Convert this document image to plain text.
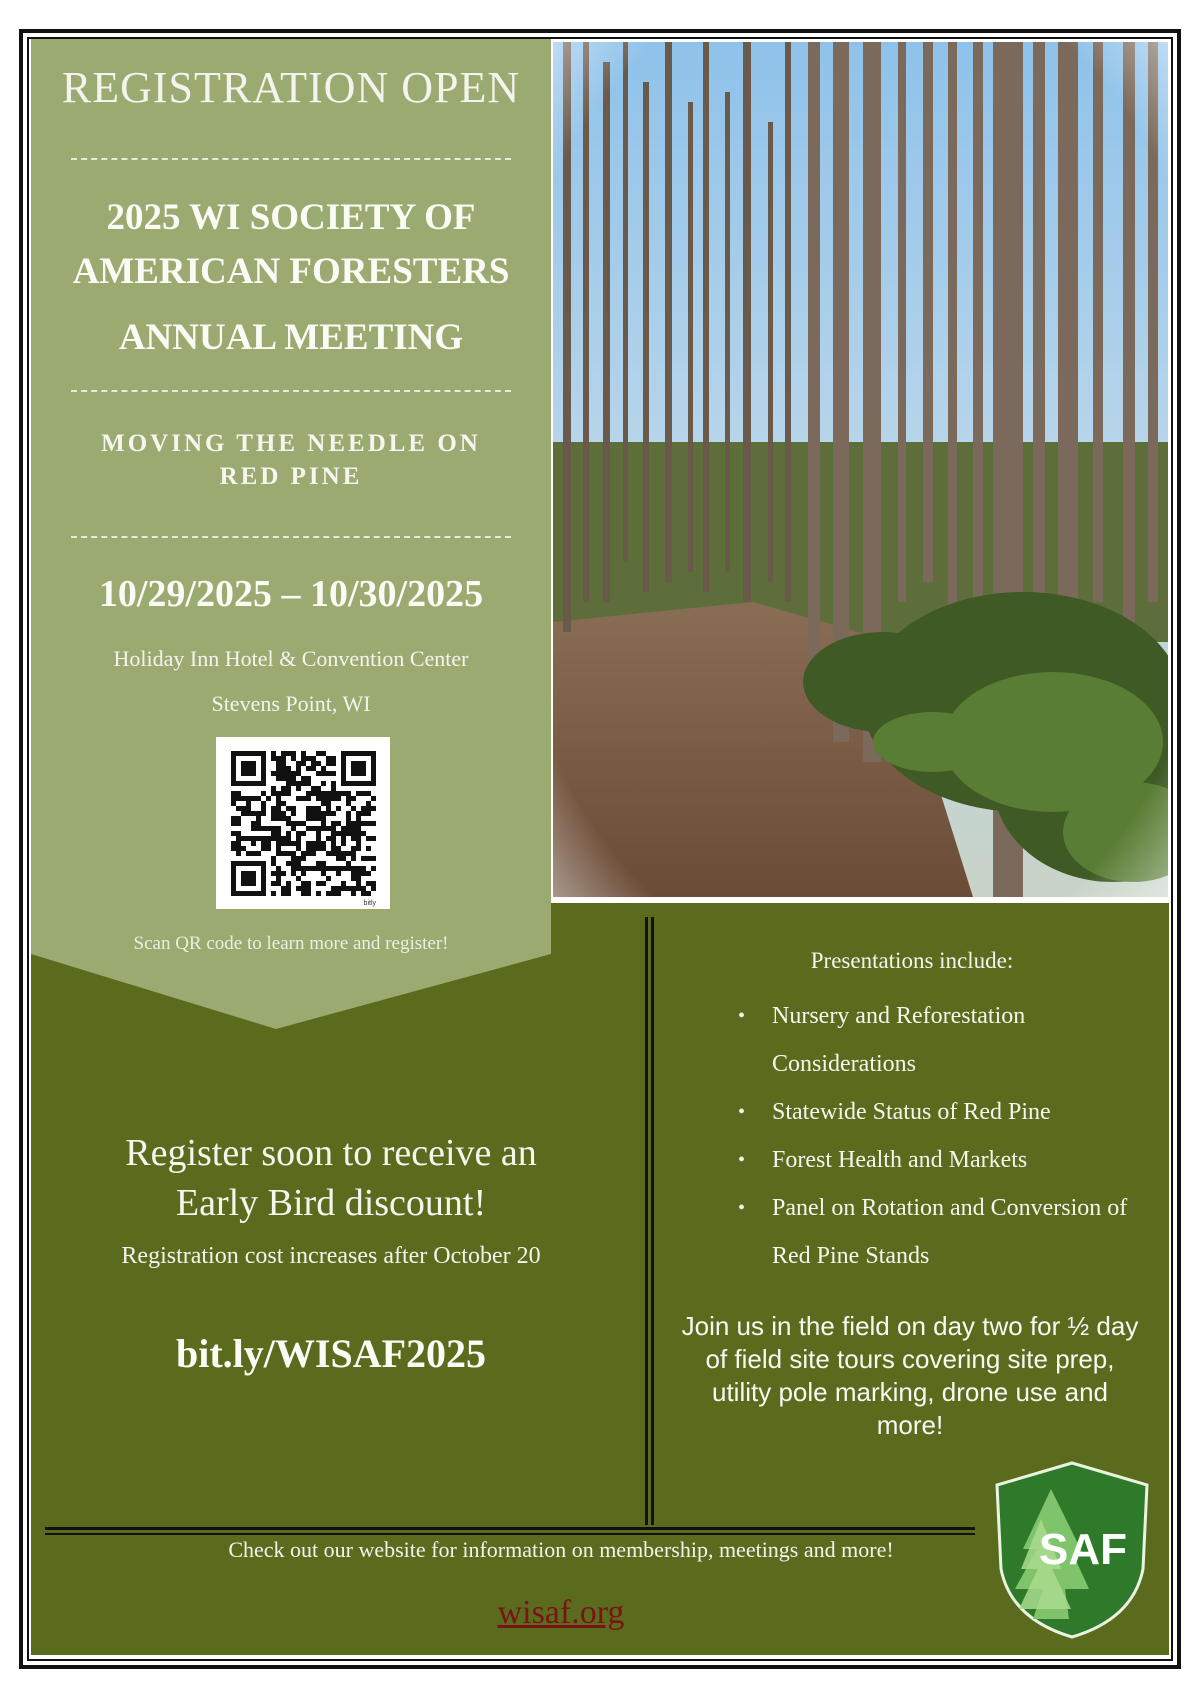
REGISTRATION OPEN
2025 WI SOCIETY OF
AMERICAN FORESTERS
ANNUAL MEETING
MOVING THE NEEDLE ON
RED PINE
10/29/2025 – 10/30/2025
Holiday Inn Hotel & Convention Center
Stevens Point, WI
bitly
Scan QR code to learn more and register!
Register soon to receive an
Early Bird discount!
Registration cost increases after October 20
bit.ly/WISAF2025
Presentations include:
• Nursery and Reforestation Considerations
• Statewide Status of Red Pine
• Forest Health and Markets
• Panel on Rotation and Conversion of Red Pine Stands
Join us in the field on day two for ½ day of field site tours covering site prep, utility pole marking, drone use and more!
Check out our website for information on membership, meetings and more!
wisaf.org
SAF
